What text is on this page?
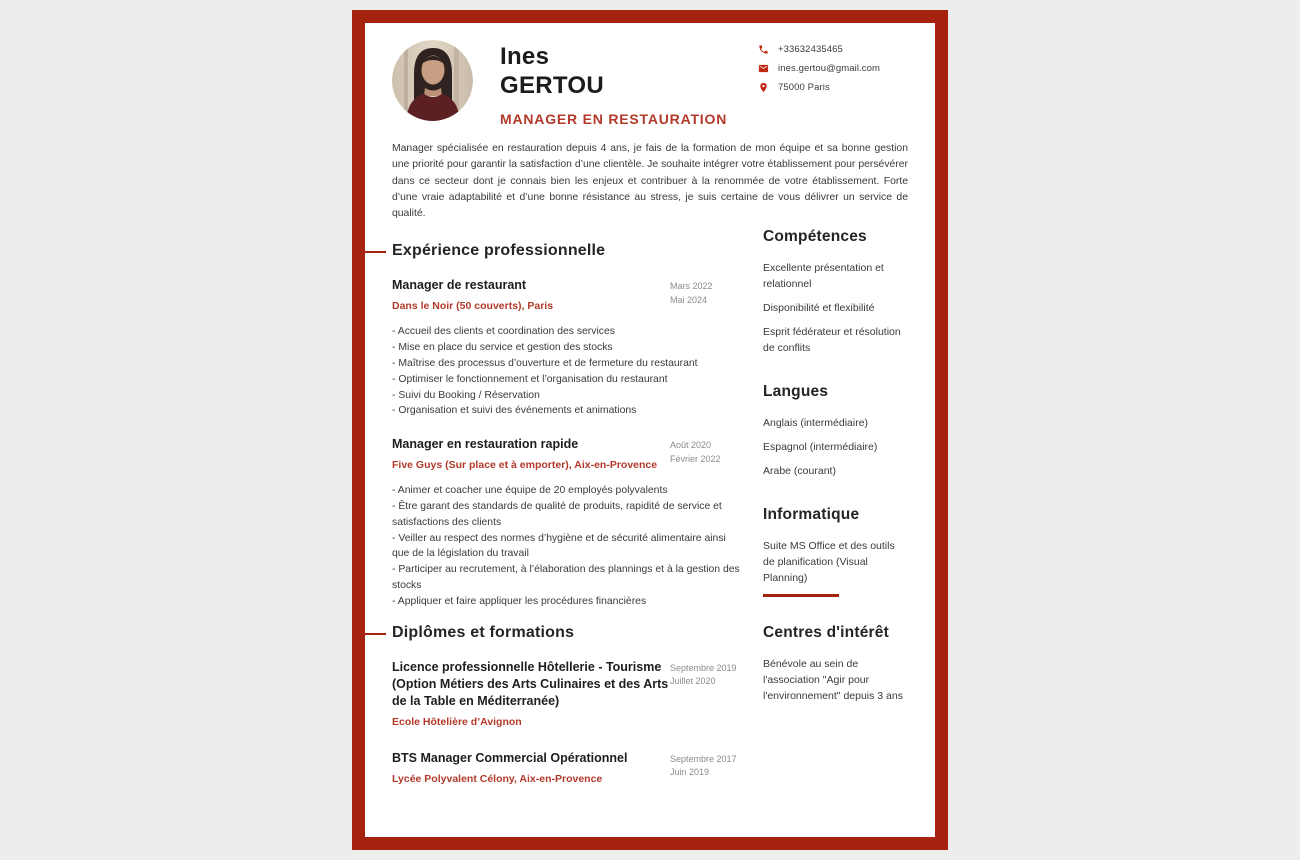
Ines
GERTOU
MANAGER EN RESTAURATION
+33632435465
ines.gertou@gmail.com
75000 Paris

Manager spécialisée en restauration depuis 4 ans, je fais de la formation de mon équipe et sa bonne gestion une priorité pour garantir la satisfaction d’une clientèle. Je souhaite intégrer votre établissement pour persévérer dans ce secteur dont je connais bien les enjeux et contribuer à la renommée de votre établissement. Forte d’une vraie adaptabilité et d’une bonne résistance au stress, je suis certaine de vous délivrer un service de qualité.

Expérience professionnelle
Manager de restaurant
Dans le Noir (50 couverts), Paris
Mars 2022
Mai 2024
- Accueil des clients et coordination des services
- Mise en place du service et gestion des stocks
- Maîtrise des processus d’ouverture et de fermeture du restaurant
- Optimiser le fonctionnement et l’organisation du restaurant
- Suivi du Booking / Réservation
- Organisation et suivi des événements et animations
Manager en restauration rapide
Five Guys (Sur place et à emporter), Aix-en-Provence
Août 2020
Février 2022
- Animer et coacher une équipe de 20 employés polyvalents
- Être garant des standards de qualité de produits, rapidité de service et satisfactions des clients
- Veiller au respect des normes d’hygiène et de sécurité alimentaire ainsi que de la législation du travail
- Participer au recrutement, à l’élaboration des plannings et à la gestion des stocks
- Appliquer et faire appliquer les procédures financières
Diplômes et formations
Licence professionnelle Hôtellerie - Tourisme (Option Métiers des Arts Culinaires et des Arts de la Table en Méditerranée)
Ecole Hôtelière d’Avignon
Septembre 2019
Juillet 2020
BTS Manager Commercial Opérationnel
Lycée Polyvalent Célony, Aix-en-Provence
Septembre 2017
Juin 2019
Compétences
Excellente présentation et relationnel
Disponibilité et flexibilité
Esprit fédérateur et résolution de conflits
Langues
Anglais (intermédiaire)
Espagnol (intermédiaire)
Arabe (courant)
Informatique
Suite MS Office et des outils de planification (Visual Planning)
Centres d'intérêt
Bénévole au sein de l'association "Agir pour l'environnement" depuis 3 ans
